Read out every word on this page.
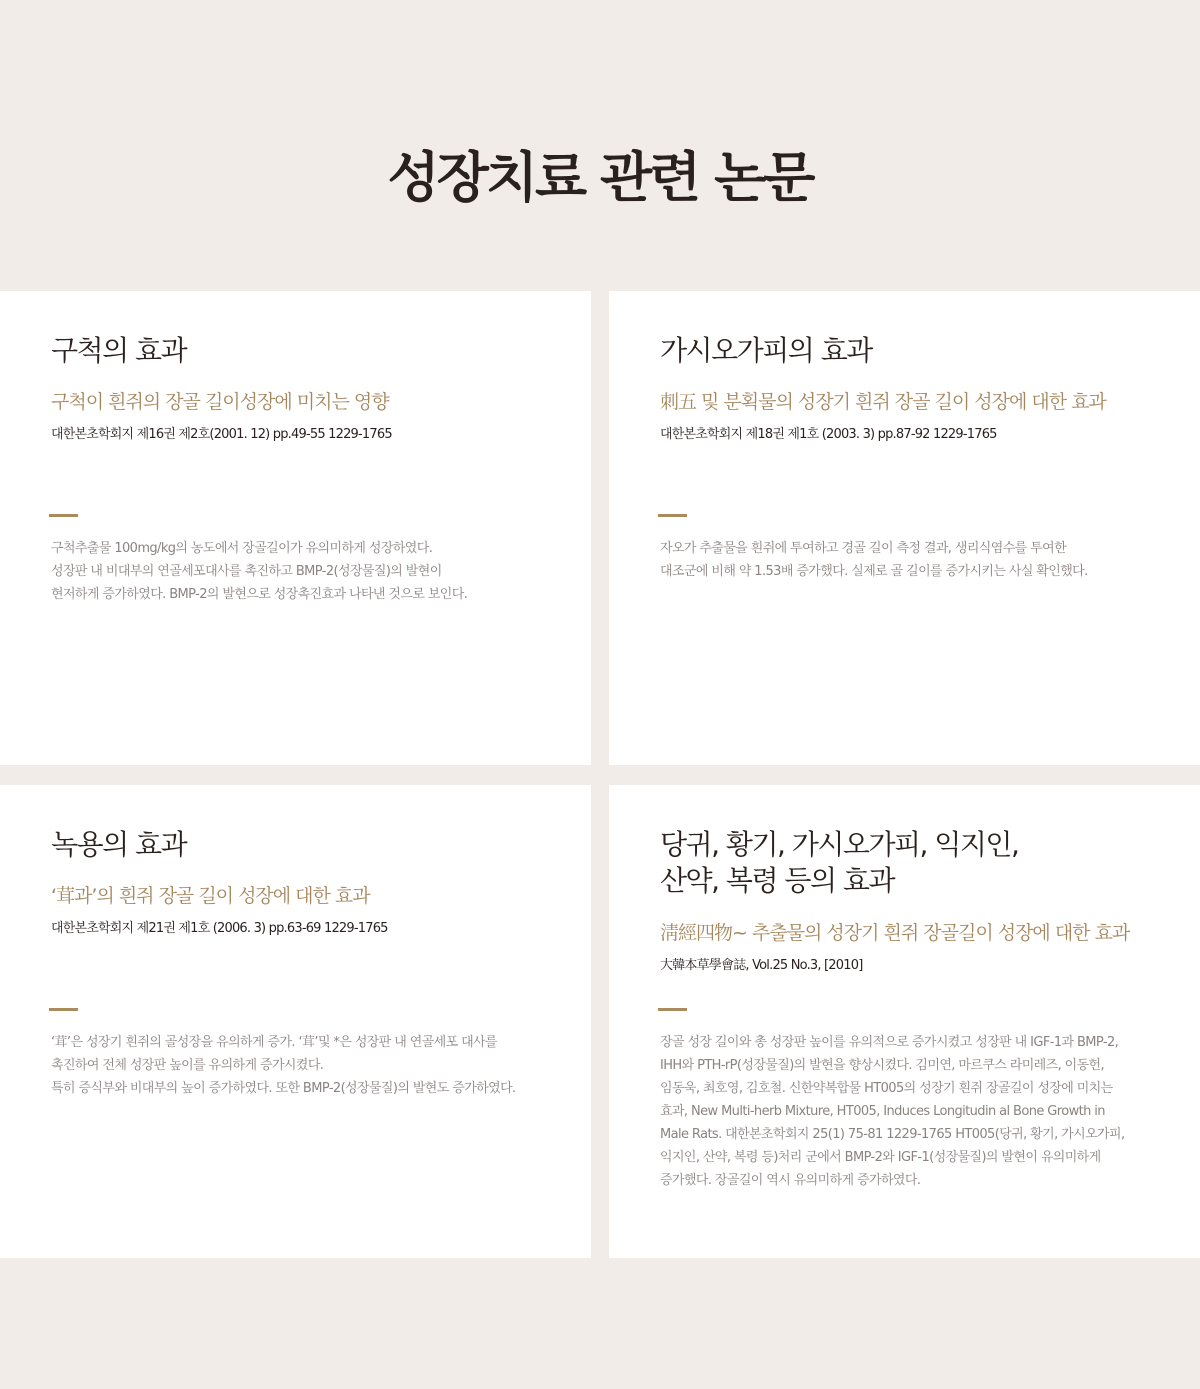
성장치료 관련 논문
구척의 효과

구척이 흰쥐의 장골 길이성장에 미치는 영향

대한본초학회지 제16권 제2호(2001. 12) pp.49-55 1229-1765

구척추출물 100mg/kg의 농도에서 장골길이가 유의미하게 성장하였다.
성장판 내 비대부의 연골세포대사를 촉진하고 BMP-2(성장물질)의 발현이
현저하게 증가하였다. BMP-2의 발현으로 성장촉진효과 나타낸 것으로 보인다.

가시오가피의 효과

刺五 및 분획물의 성장기 흰쥐 장골 길이 성장에 대한 효과

대한본초학회지 제18권 제1호 (2003. 3) pp.87-92 1229-1765

자오가 추출물을 흰쥐에 투여하고 경골 길이 측정 결과, 생리식염수를 투여한
대조군에 비해 약 1.53배 증가했다. 실제로 골 길이를 증가시키는 사실 확인했다.

녹용의 효과

‘茸과’의 흰쥐 장골 길이 성장에 대한 효과

대한본초학회지 제21권 제1호 (2006. 3) pp.63-69 1229-1765

‘茸’은 성장기 흰쥐의 골성장을 유의하게 증가. ‘茸’및 *은 성장판 내 연골세포 대사를
촉진하여 전체 성장판 높이를 유의하게 증가시켰다.
특히 증식부와 비대부의 높이 증가하였다. 또한 BMP-2(성장물질)의 발현도 증가하였다.

당귀, 황기, 가시오가피, 익지인,
산약, 복령 등의 효과

淸經四物~ 추출물의 성장기 흰쥐 장골길이 성장에 대한 효과

大韓本草學會誌, Vol.25 No.3, [2010]

장골 성장 길이와 총 성장판 높이를 유의적으로 증가시켰고 성장판 내 IGF-1과 BMP-2,
IHH와 PTH-rP(성장물질)의 발현을 향상시켰다. 김미연, 마르쿠스 라미레즈, 이동헌,
임동욱, 최호영, 김호철. 신한약복합물 HT005의 성장기 흰쥐 장골길이 성장에 미치는
효과, New Multi-herb Mixture, HT005, Induces Longitudin al Bone Growth in
Male Rats. 대한본초학회지 25(1) 75-81 1229-1765 HT005(당귀, 황기, 가시오가피,
익지인, 산약, 복령 등)처리 군에서 BMP-2와 IGF-1(성장물질)의 발현이 유의미하게
증가했다. 장골길이 역시 유의미하게 증가하였다.
